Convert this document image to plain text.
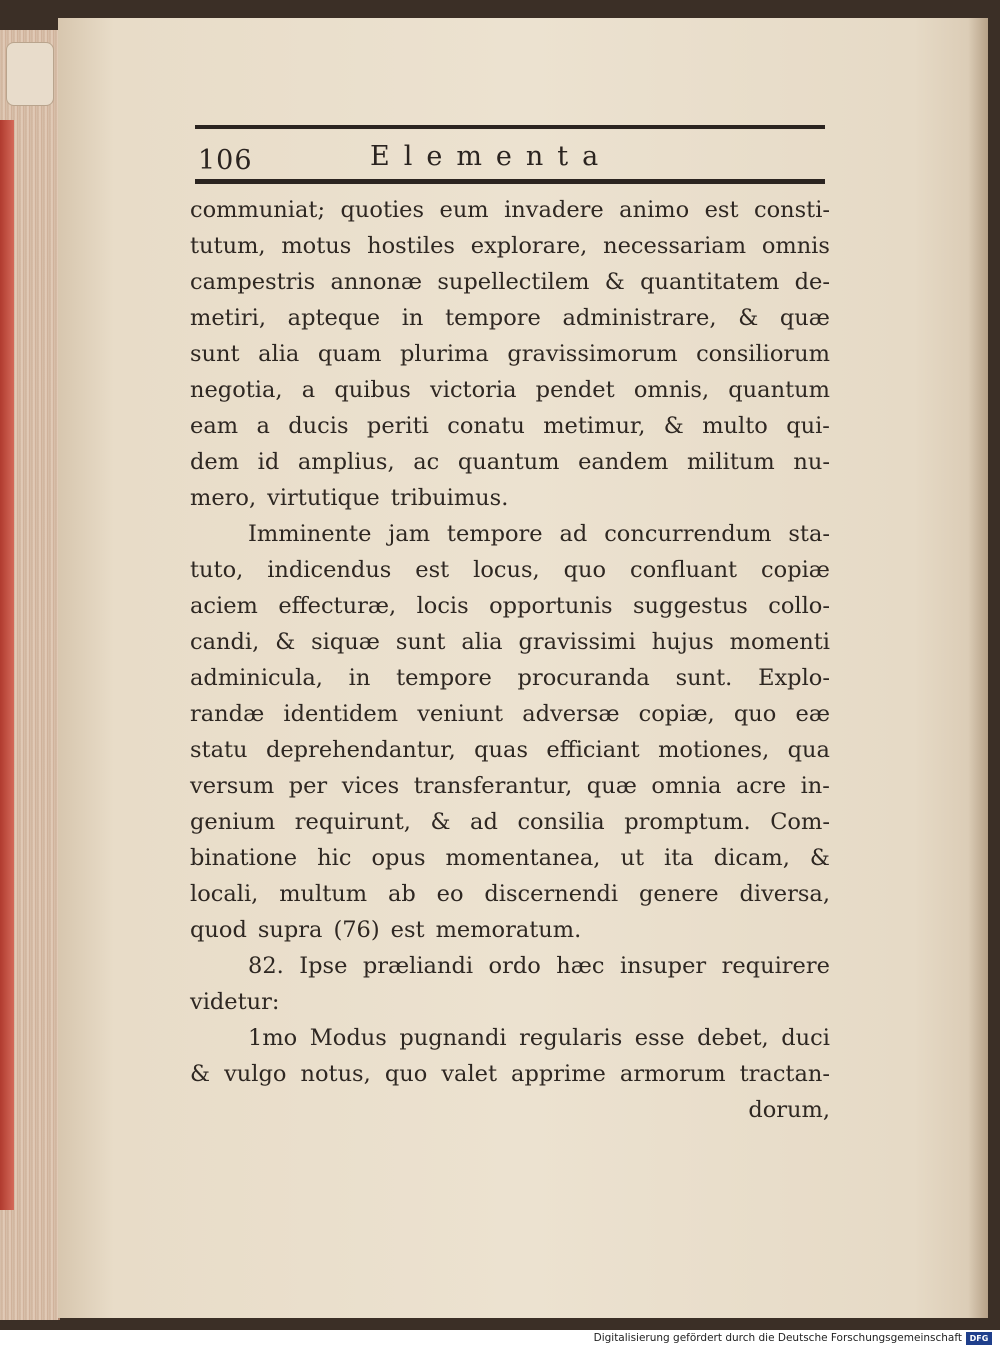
106	Elementa
communiat; quoties eum invadere animo est consti-
tutum, motus hostiles explorare, necessariam omnis
campestris annonæ supellectilem & quantitatem de-
metiri, apteque in tempore administrare, & quæ
sunt alia quam plurima gravissimorum consiliorum
negotia, a quibus victoria pendet omnis, quantum
eam a ducis periti conatu metimur, & multo qui-
dem id amplius, ac quantum eandem militum nu-
mero, virtutique tribuimus.
Imminente jam tempore ad concurrendum sta-
tuto, indicendus est locus, quo confluant copiæ
aciem effecturæ, locis opportunis suggestus collo-
candi, & siquæ sunt alia gravissimi hujus momenti
adminicula, in tempore procuranda sunt. Explo-
randæ identidem veniunt adversæ copiæ, quo eæ
statu deprehendantur, quas efficiant motiones, qua
versum per vices transferantur, quæ omnia acre in-
genium requirunt, & ad consilia promptum. Com-
binatione hic opus momentanea, ut ita dicam, &
locali, multum ab eo discernendi genere diversa,
quod supra (76) est memoratum.
82. Ipse præliandi ordo hæc insuper requirere
videtur:
1mo Modus pugnandi regularis esse debet, duci
& vulgo notus, quo valet apprime armorum tractan-
dorum,
Digitalisierung gefördert durch die Deutsche Forschungsgemeinschaft DFG
